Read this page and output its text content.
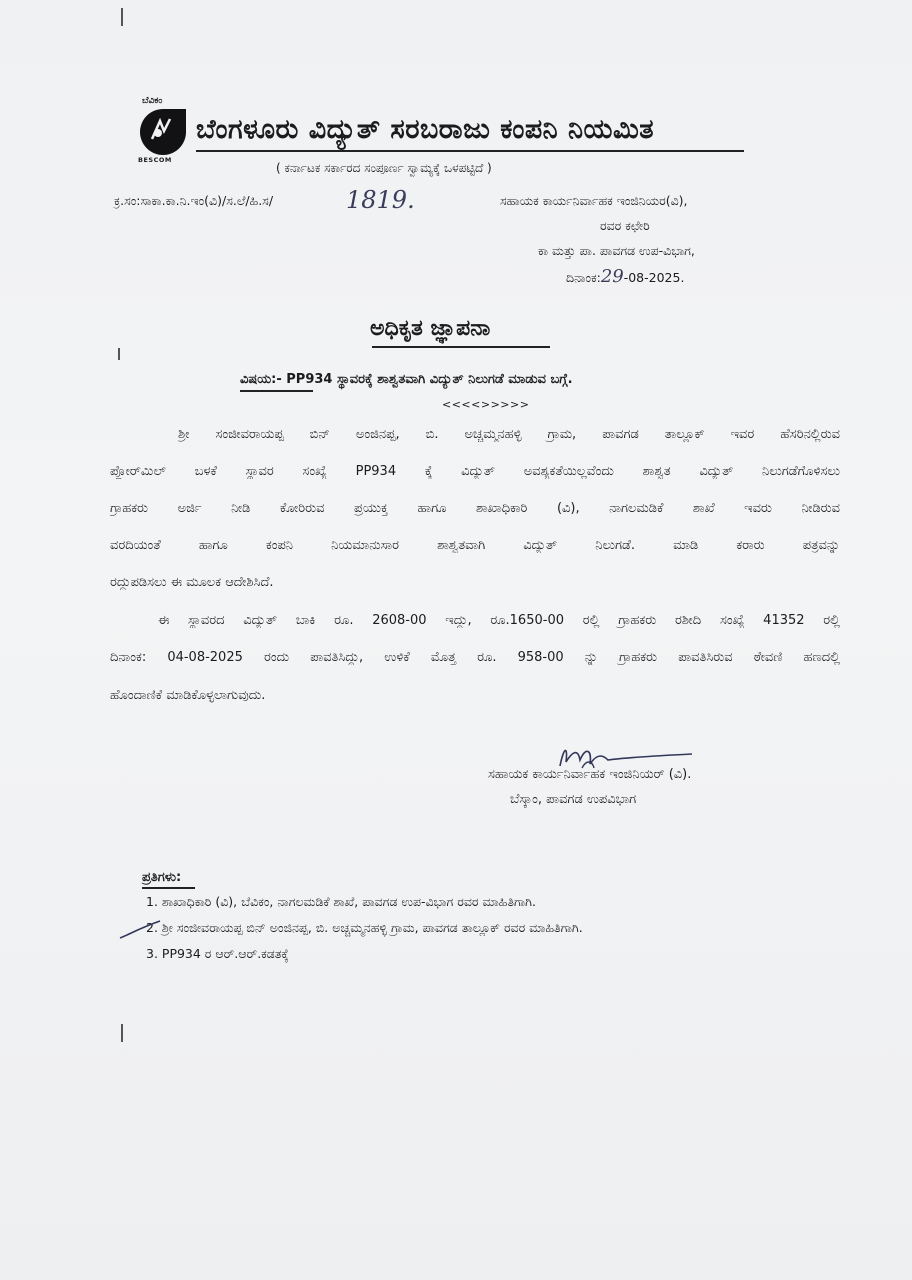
ಬೆವಿಕಂ
BESCOM
ಬೆಂಗಳೂರು ವಿದ್ಯುತ್ ಸರಬರಾಜು ಕಂಪನಿ ನಿಯಮಿತ
( ಕರ್ನಾಟಕ ಸರ್ಕಾರದ ಸಂಪೂರ್ಣ ಸ್ವಾಮ್ಯಕ್ಕೆ ಒಳಪಟ್ಟಿದೆ )
ಕ್ರ.ಸಂ:ಸಾಕಾ.ಕಾ.ನಿ.ಇಂ(ವಿ)/ಸ.ಲೆ/ಹಿ.ಸ/	1819.	ಸಹಾಯಕ ಕಾರ್ಯನಿರ್ವಾಹಕ ಇಂಜಿನಿಯರ(ವಿ),
ರವರ ಕಛೇರಿ
ಕಾ ಮತ್ತು ಪಾ. ಪಾವಗಡ ಉಪ-ವಿಭಾಗ,
ದಿನಾಂಕ:29-08-2025.
ಅಧಿಕೃತ ಜ್ಞಾಪನಾ
ವಿಷಯ:- PP934 ಸ್ಥಾವರಕ್ಕೆ ಶಾಶ್ವತವಾಗಿ ವಿದ್ಯುತ್ ನಿಲುಗಡೆ ಮಾಡುವ ಬಗ್ಗೆ.
<<<<>>>>>
ಶ್ರೀ ಸಂಜೀವರಾಯಪ್ಪ ಬಿನ್ ಅಂಜಿನಪ್ಪ, ಬಿ. ಅಚ್ಚಮ್ಮನಹಳ್ಳಿ ಗ್ರಾಮ, ಪಾವಗಡ ತಾಲ್ಲೂಕ್ ಇವರ ಹೆಸರಿನಲ್ಲಿರುವ
ಪ್ಲೋರ್‌ಮಿಲ್ ಬಳಕೆ ಸ್ಥಾವರ ಸಂಖ್ಯೆ PP934 ಕ್ಕೆ ವಿದ್ಯುತ್ ಅವಶ್ಯಕತೆಯಿಲ್ಲವೆಂದು ಶಾಶ್ವತ ವಿದ್ಯುತ್ ನಿಲುಗಡೆಗೊಳಿಸಲು
ಗ್ರಾಹಕರು ಅರ್ಜಿ ನೀಡಿ ಕೋರಿರುವ ಪ್ರಯುಕ್ತ ಹಾಗೂ ಶಾಖಾಧಿಕಾರಿ (ವಿ), ನಾಗಲಮಡಿಕೆ ಶಾಖೆ ಇವರು ನೀಡಿರುವ
ವರದಿಯಂತೆ ಹಾಗೂ ಕಂಪನಿ ನಿಯಮಾನುಸಾರ ಶಾಶ್ವತವಾಗಿ ವಿದ್ಯುತ್ ನಿಲುಗಡೆ. ಮಾಡಿ ಕರಾರು ಪತ್ರವನ್ನು
ರದ್ದುಪಡಿಸಲು ಈ ಮೂಲಕ ಆದೇಶಿಸಿದೆ.
ಈ ಸ್ಥಾವರದ ವಿದ್ಯುತ್ ಬಾಕಿ ರೂ. 2608-00 ಇದ್ದು, ರೂ.1650-00 ರಲ್ಲಿ ಗ್ರಾಹಕರು ರಶೀದಿ ಸಂಖ್ಯೆ 41352 ರಲ್ಲಿ
ದಿನಾಂಕ: 04-08-2025 ರಂದು ಪಾವತಿಸಿದ್ದು, ಉಳಿಕೆ ಮೊತ್ತ ರೂ. 958-00 ನ್ನು ಗ್ರಾಹಕರು ಪಾವತಿಸಿರುವ ಠೇವಣಿ ಹಣದಲ್ಲಿ
ಹೊಂದಾಣಿಕೆ ಮಾಡಿಕೊಳ್ಳಲಾಗುವುದು.
ಸಹಾಯಕ ಕಾರ್ಯನಿರ್ವಾಹಕ ಇಂಜಿನಿಯರ್ (ವಿ).
ಬೆಸ್ಕಾಂ, ಪಾವಗಡ ಉಪವಿಭಾಗ
ಪ್ರತಿಗಳು:
1. ಶಾಖಾಧಿಕಾರಿ (ವಿ), ಬೆವಿಕಂ, ನಾಗಲಮಡಿಕೆ ಶಾಖೆ, ಪಾವಗಡ ಉಪ-ವಿಭಾಗ ರವರ ಮಾಹಿತಿಗಾಗಿ.
2. ಶ್ರೀ ಸಂಜೀವರಾಯಪ್ಪ ಬಿನ್ ಅಂಜಿನಪ್ಪ, ಬಿ. ಅಚ್ಚಮ್ಮನಹಳ್ಳಿ ಗ್ರಾಮ, ಪಾವಗಡ ತಾಲ್ಲೂಕ್ ರವರ ಮಾಹಿತಿಗಾಗಿ.
3. PP934 ರ ಆರ್.ಆರ್.ಕಡತಕ್ಕೆ
